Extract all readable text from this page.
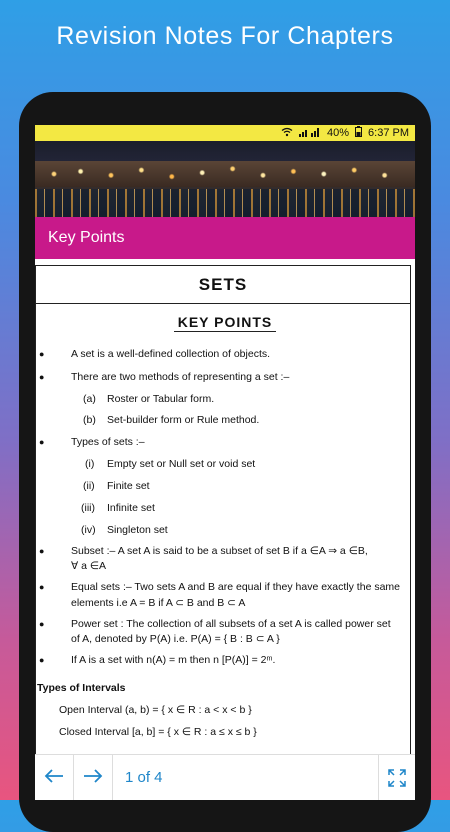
Revision Notes For Chapters
40% 6:37 PM
Key Points
SETS
KEY POINTS
●	A set is a well-defined collection of objects.
●	There are two methods of representing a set :–
(a) Roster or Tabular form.
(b) Set-builder form or Rule method.
●	Types of sets :–
(i) Empty set or Null set or void set
(ii) Finite set
(iii) Infinite set
(iv) Singleton set
●	Subset :– A set A is said to be a subset of set B if a ∈A ⇒ a ∈B,
∀ a ∈A
●	Equal sets :– Two sets A and B are equal if they have exactly the same
elements i.e A = B if A ⊂ B and B ⊂ A
●	Power set : The collection of all subsets of a set A is called power set
of A, denoted by P(A) i.e. P(A) = { B : B ⊂ A }
●	If A is a set with n(A) = m then n [P(A)] = 2ᵐ.
Types of Intervals
Open Interval (a, b) = { x ∈ R : a < x < b }
Closed Interval [a, b] = { x ∈ R : a ≤ x ≤ b }
1 of 4
